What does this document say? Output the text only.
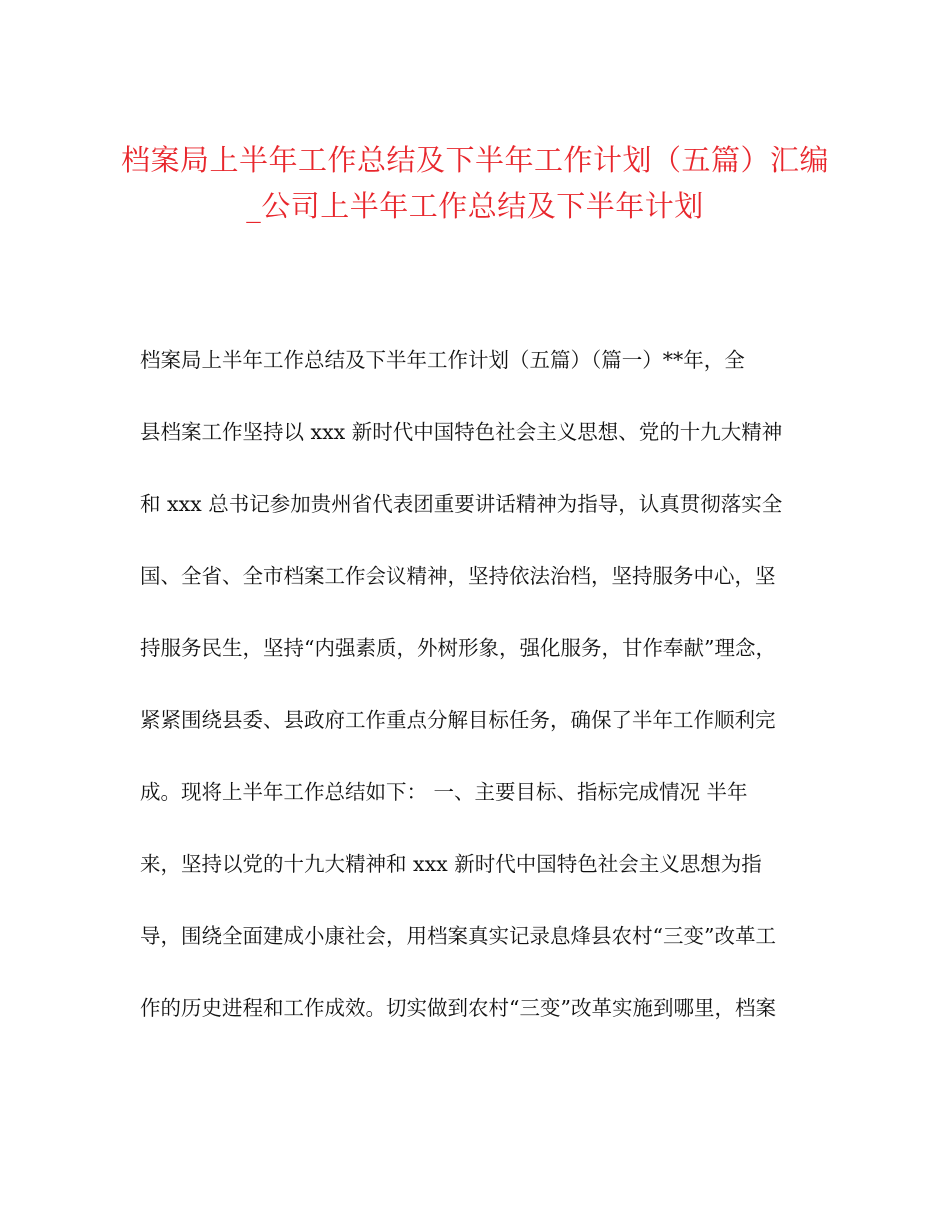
档案局上半年工作总结及下半年工作计划（五篇）汇编
_公司上半年工作总结及下半年计划
档案局上半年工作总结及下半年工作计划（五篇）（篇一）**年，全
县档案工作坚持以 xxx 新时代中国特色社会主义思想、党的十九大精神
和 xxx 总书记参加贵州省代表团重要讲话精神为指导，认真贯彻落实全
国、全省、全市档案工作会议精神，坚持依法治档，坚持服务中心，坚
持服务民生，坚持“内强素质，外树形象，强化服务，甘作奉献”理念，
紧紧围绕县委、县政府工作重点分解目标任务，确保了半年工作顺利完
成。现将上半年工作总结如下： 一、主要目标、指标完成情况 半年
来，坚持以党的十九大精神和 xxx 新时代中国特色社会主义思想为指
导，围绕全面建成小康社会，用档案真实记录息烽县农村“三变”改革工
作的历史进程和工作成效。切实做到农村“三变”改革实施到哪里，档案
